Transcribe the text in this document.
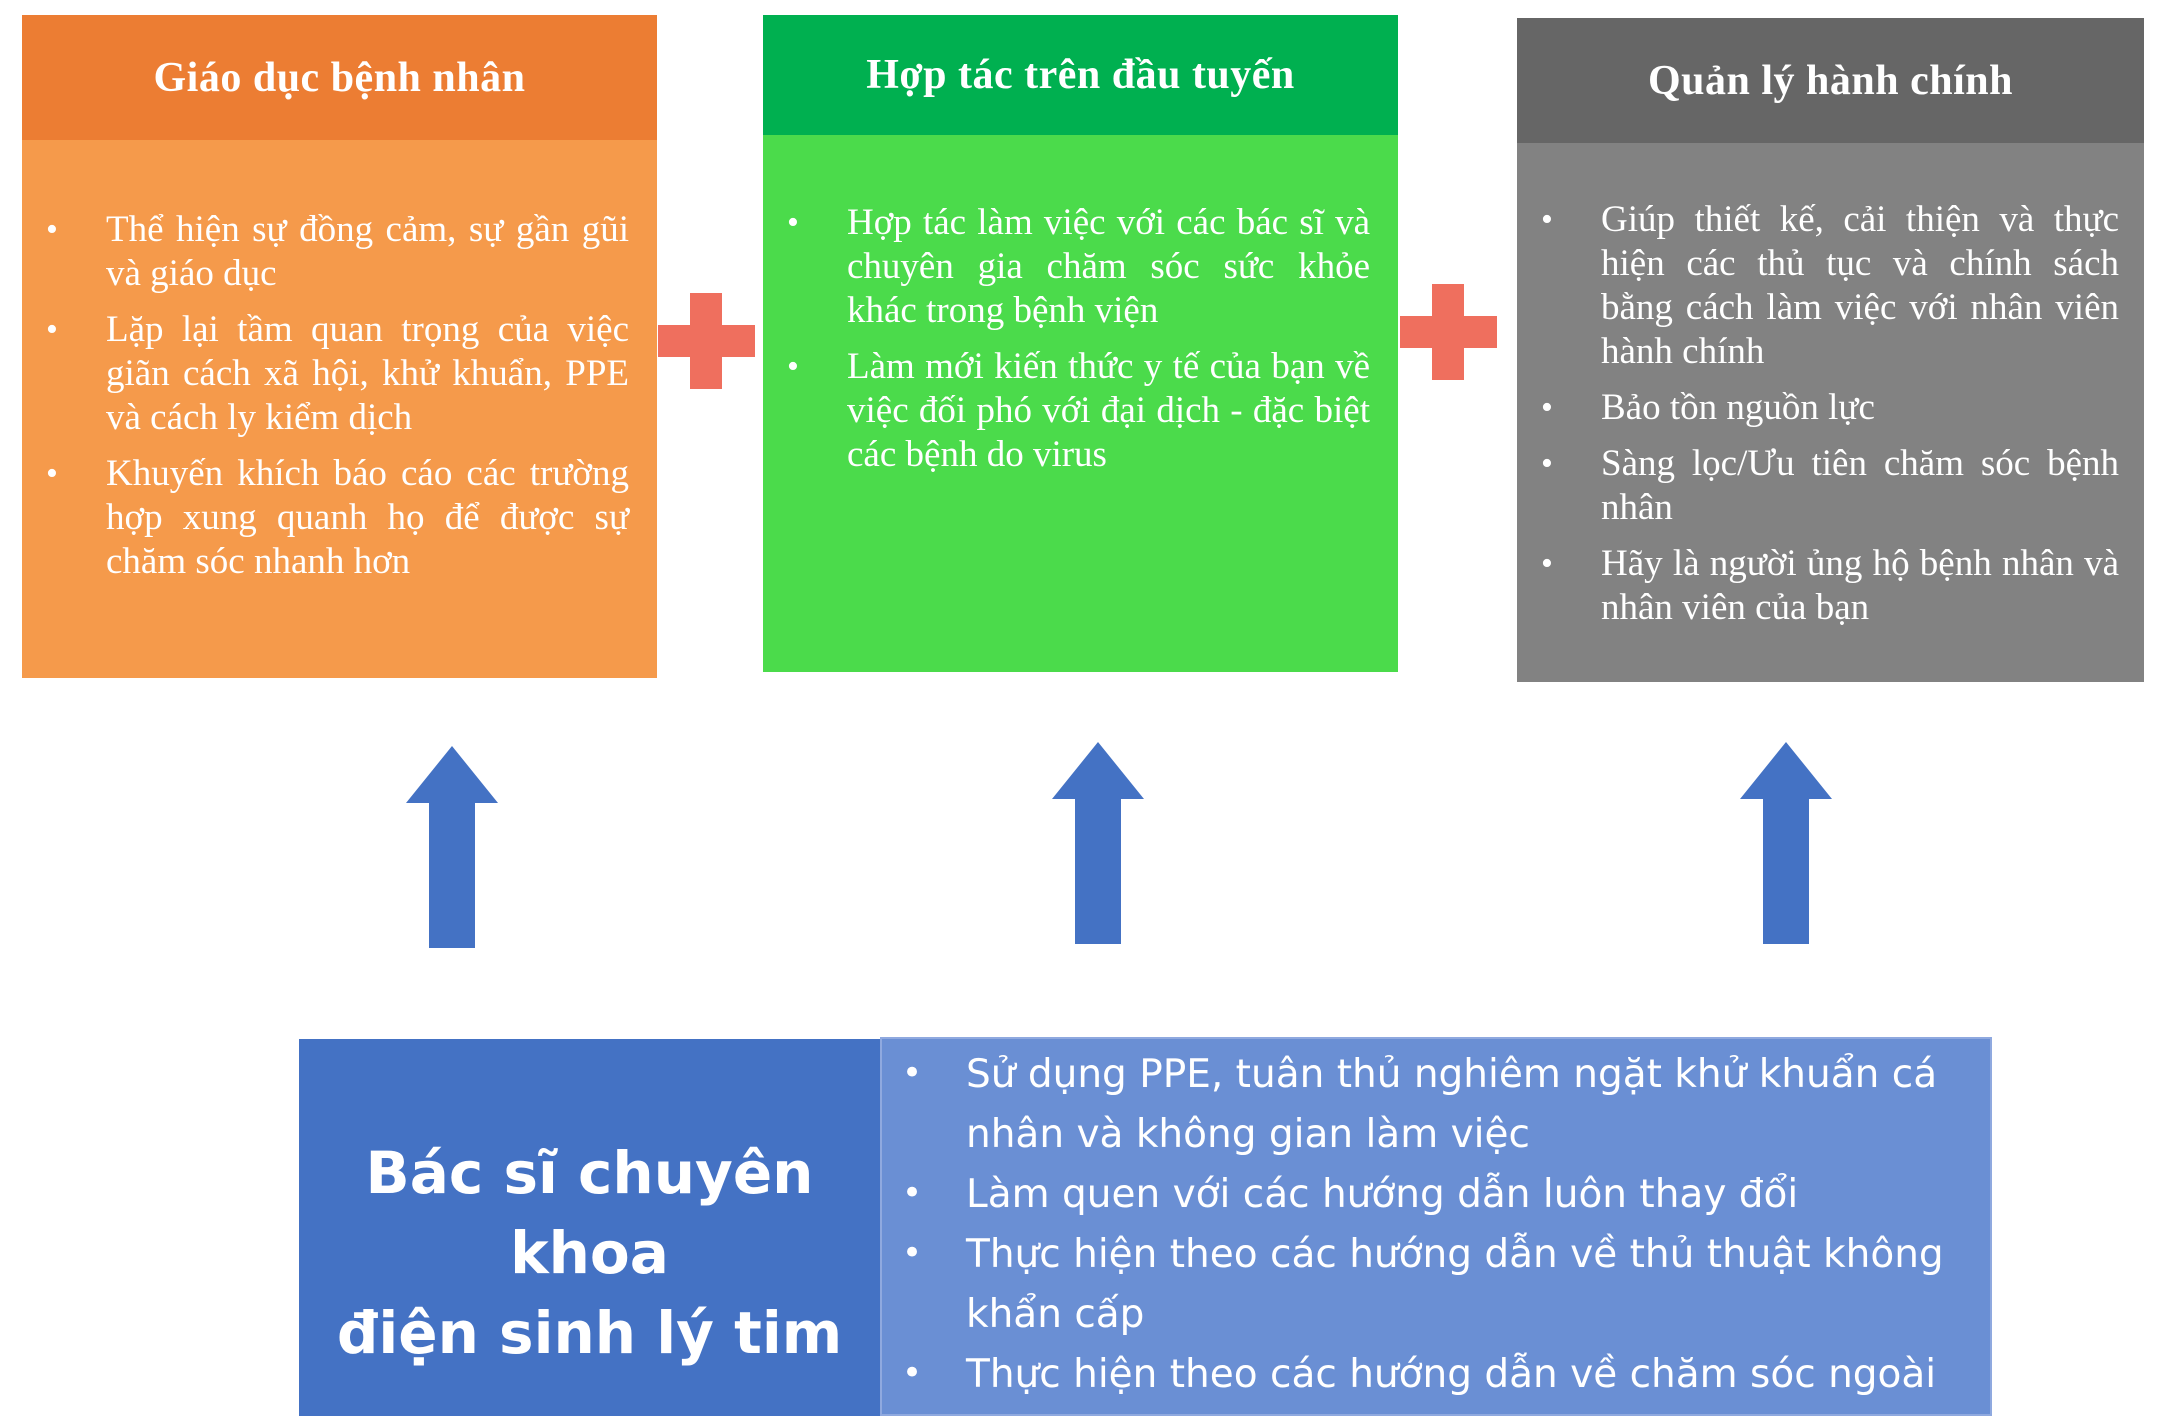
Giáo dục bệnh nhân
• Thể hiện sự đồng cảm, sự gần gũi và giáo dục
• Lặp lại tầm quan trọng của việc giãn cách xã hội, khử khuẩn, PPE và cách ly kiểm dịch
• Khuyến khích báo cáo các trường hợp xung quanh họ để được sự chăm sóc nhanh hơn
Hợp tác trên đầu tuyến
• Hợp tác làm việc với các bác sĩ và chuyên gia chăm sóc sức khỏe khác trong bệnh viện
• Làm mới kiến thức y tế của bạn về việc đối phó với đại dịch - đặc biệt các bệnh do virus
Quản lý hành chính
• Giúp thiết kế, cải thiện và thực hiện các thủ tục và chính sách bằng cách làm việc với nhân viên hành chính
• Bảo tồn nguồn lực
• Sàng lọc/Ưu tiên chăm sóc bệnh nhân
• Hãy là người ủng hộ bệnh nhân và nhân viên của bạn
Bác sĩ chuyên khoa
điện sinh lý tim
• Sử dụng PPE, tuân thủ nghiêm ngặt khử khuẩn cá nhân và không gian làm việc
• Làm quen với các hướng dẫn luôn thay đổi
• Thực hiện theo các hướng dẫn về thủ thuật không khẩn cấp
• Thực hiện theo các hướng dẫn về chăm sóc ngoài
